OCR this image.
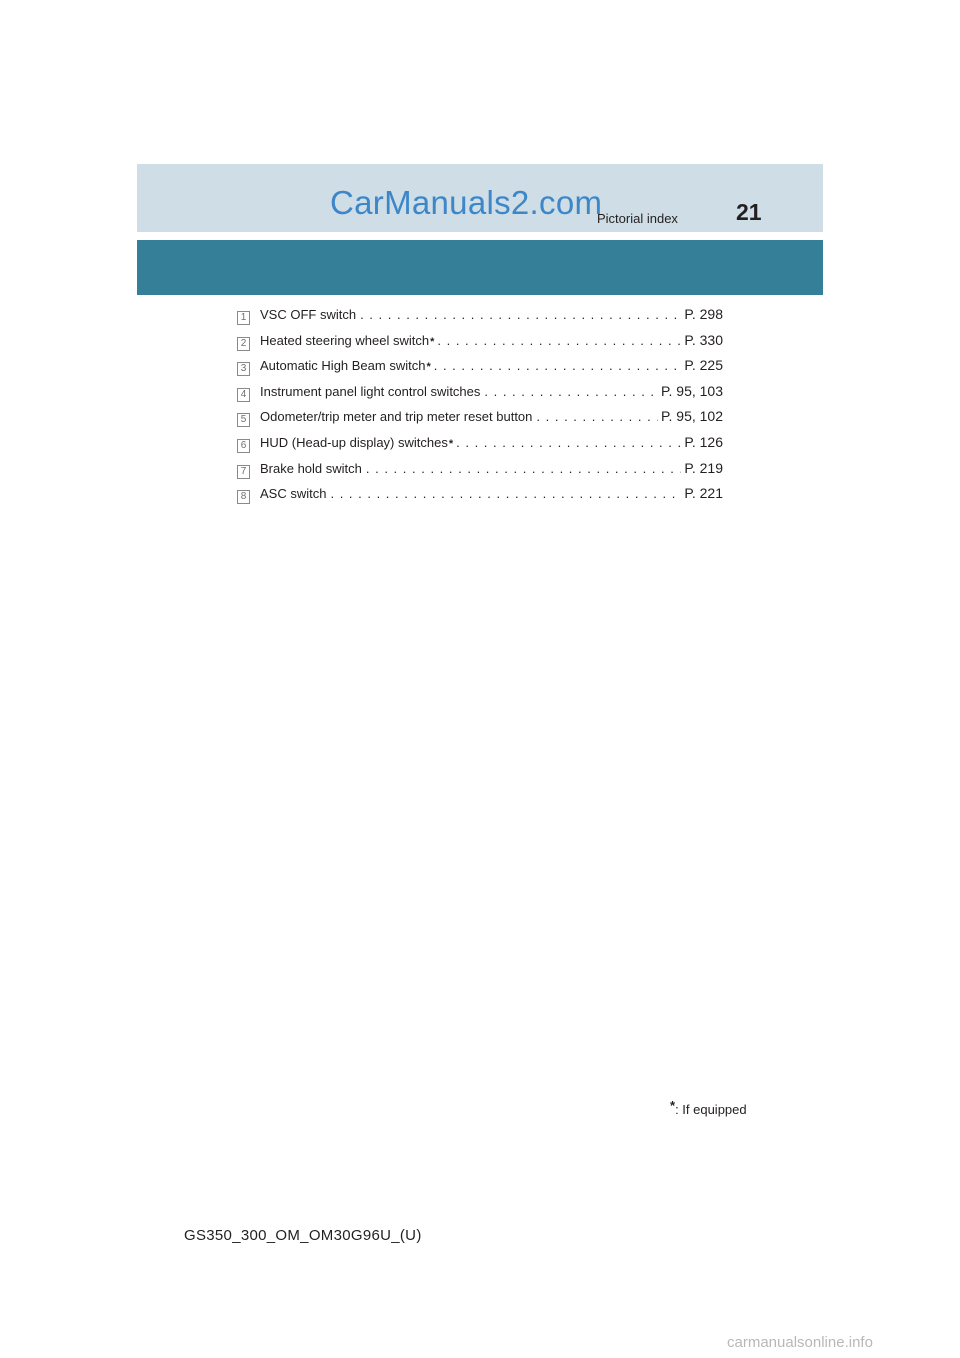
CarManuals2.com
Pictorial index	21
1 VSC OFF switch . . .	P. 298
2 Heated steering wheel switch * . . .	P. 330
3 Automatic High Beam switch * . . .	P. 225
4 Instrument panel light control switches . . .	P. 95, 103
5 Odometer/trip meter and trip meter reset button . . .	P. 95, 102
6 HUD (Head-up display) switches * . . .	P. 126
7 Brake hold switch . . .	P. 219
8 ASC switch . . .	P. 221
*: If equipped
GS350_300_OM_OM30G96U_(U)
carmanualsonline.info
